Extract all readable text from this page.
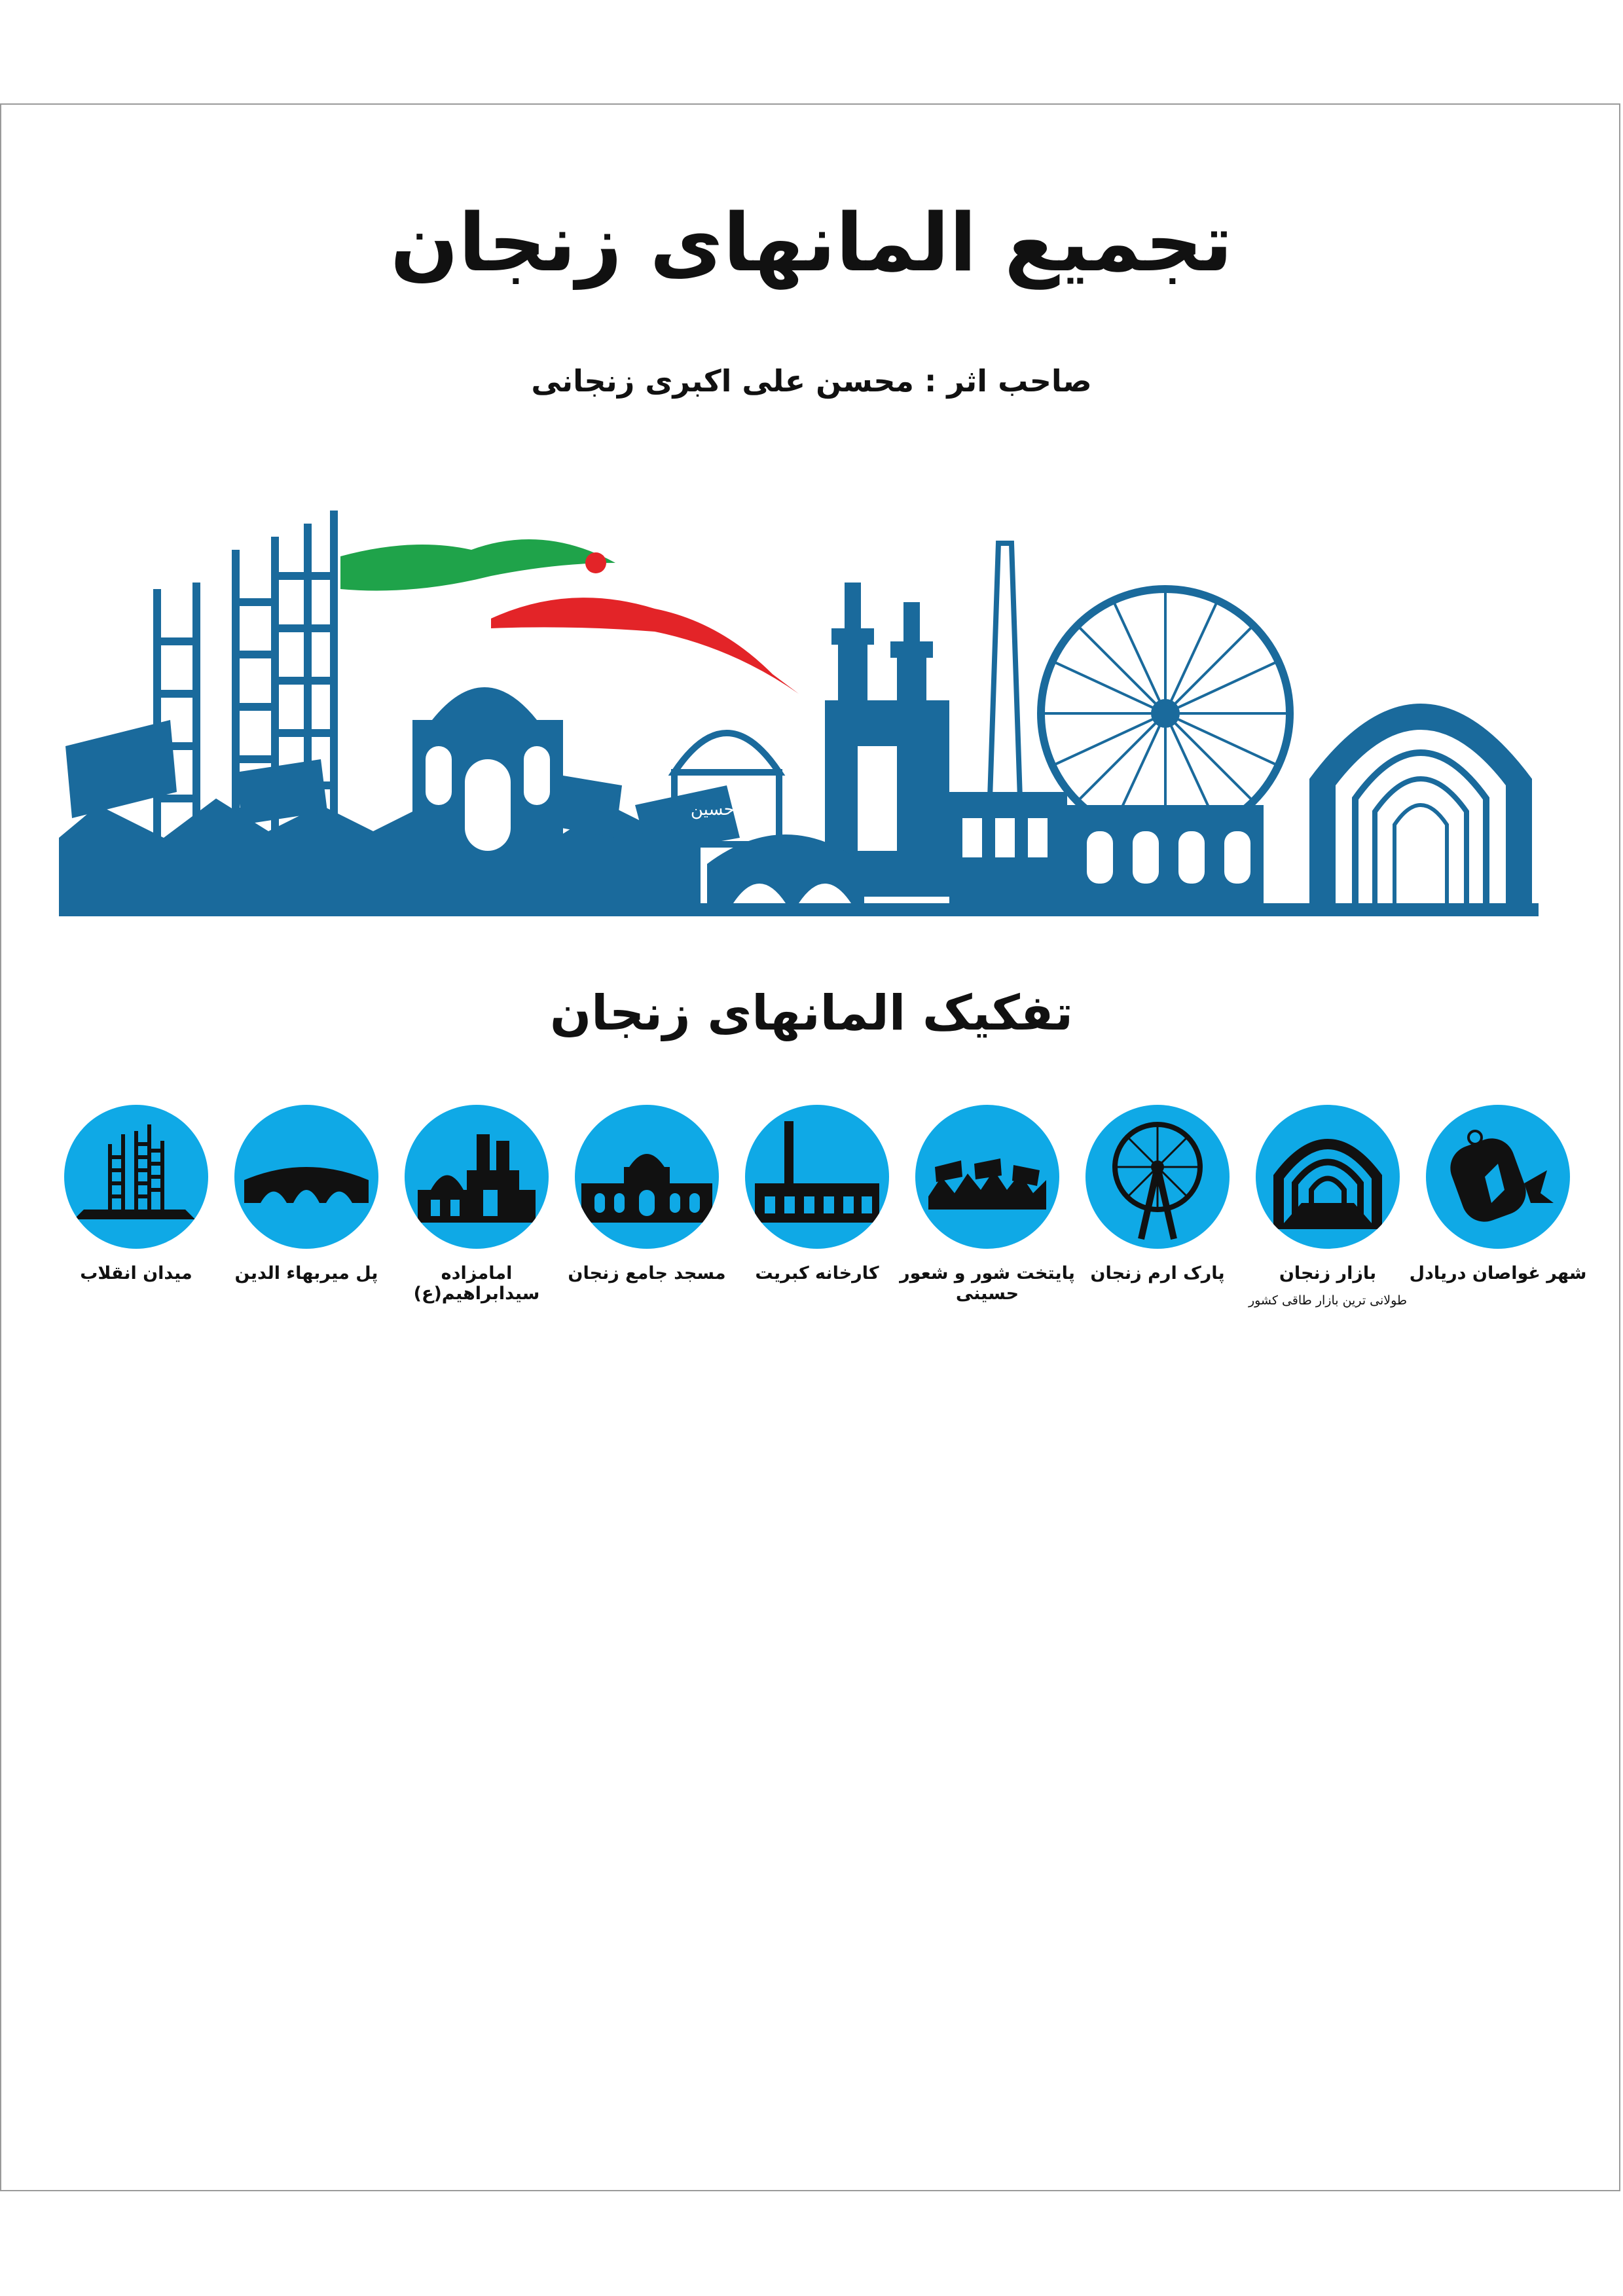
تجمیع المانهای زنجان
صاحب اثر : محسن علی اکبری زنجانی
یا حسین
تفکیک المانهای زنجان
شهر غواصان دریادل
بازار زنجان
طولانی ترین بازار طاقی کشور
پارک ارم زنجان
پایتخت شور و شعور حسینی
کارخانه کبریت
مسجد جامع زنجان
امامزاده سیدابراهیم(ع)
پل میربهاء الدین
میدان انقلاب
